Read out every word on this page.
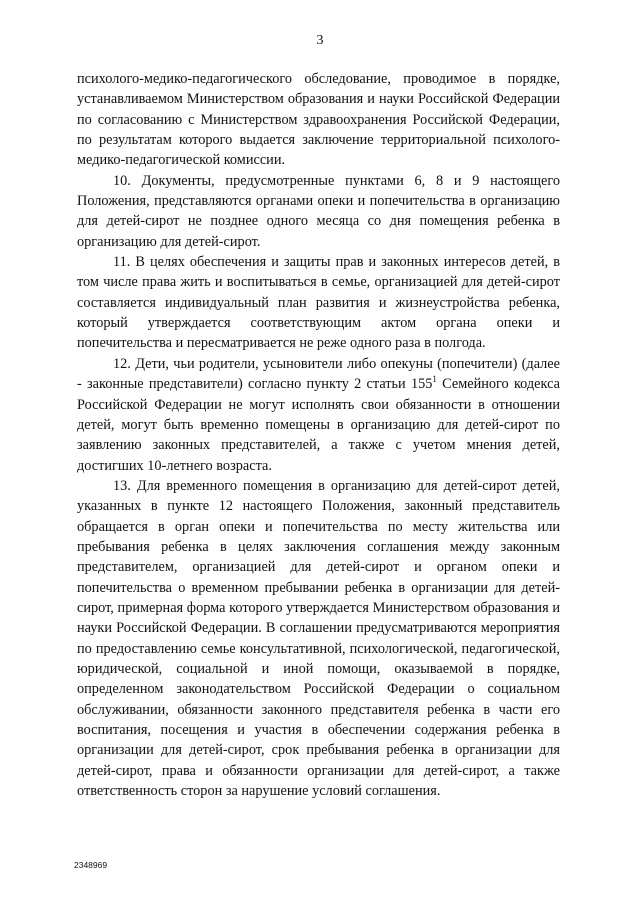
3

психолого-медико-педагогического обследование, проводимое в порядке, устанавливаемом Министерством образования и науки Российской Федерации по согласованию с Министерством здравоохранения Российской Федерации, по результатам которого выдается заключение территориальной психолого-медико-педагогической комиссии.

10. Документы, предусмотренные пунктами 6, 8 и 9 настоящего Положения, представляются органами опеки и попечительства в организацию для детей-сирот не позднее одного месяца со дня помещения ребенка в организацию для детей-сирот.

11. В целях обеспечения и защиты прав и законных интересов детей, в том числе права жить и воспитываться в семье, организацией для детей-сирот составляется индивидуальный план развития и жизнеустройства ребенка, который утверждается соответствующим актом органа опеки и попечительства и пересматривается не реже одного раза в полгода.

12. Дети, чьи родители, усыновители либо опекуны (попечители) (далее - законные представители) согласно пункту 2 статьи $155^1$ Семейного кодекса Российской Федерации не могут исполнять свои обязанности в отношении детей, могут быть временно помещены в организацию для детей-сирот по заявлению законных представителей, а также с учетом мнения детей, достигших 10-летнего возраста.

13. Для временного помещения в организацию для детей-сирот детей, указанных в пункте 12 настоящего Положения, законный представитель обращается в орган опеки и попечительства по месту жительства или пребывания ребенка в целях заключения соглашения между законным представителем, организацией для детей-сирот и органом опеки и попечительства о временном пребывании ребенка в организации для детей-сирот, примерная форма которого утверждается Министерством образования и науки Российской Федерации. В соглашении предусматриваются мероприятия по предоставлению семье консультативной, психологической, педагогической, юридической, социальной и иной помощи, оказываемой в порядке, определенном законодательством Российской Федерации о социальном обслуживании, обязанности законного представителя ребенка в части его воспитания, посещения и участия в обеспечении содержания ребенка в организации для детей-сирот, срок пребывания ребенка в организации для детей-сирот, права и обязанности организации для детей-сирот, а также ответственность сторон за нарушение условий соглашения.

2348969
